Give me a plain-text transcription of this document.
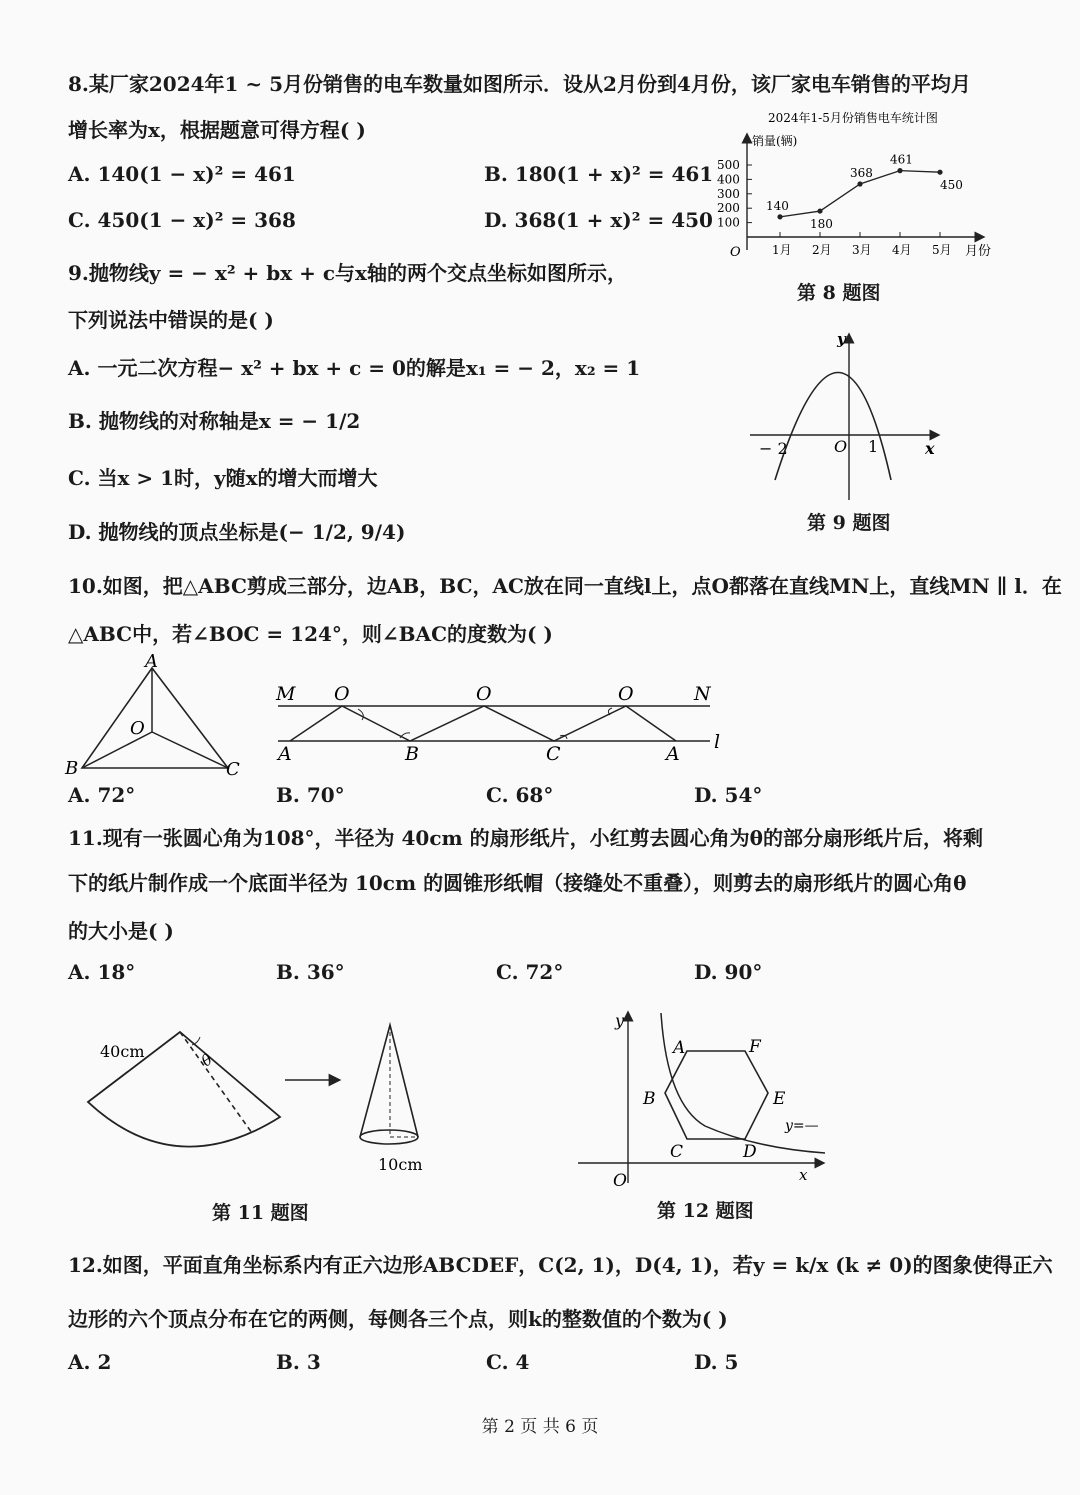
8.某厂家2024年1 ~ 5月份销售的电车数量如图所示．设从2月份到4月份，该厂家电车销售的平均月
增长率为x，根据题意可得方程( )
A. 140(1 − x)² = 461	B. 180(1 + x)² = 461
C. 450(1 − x)² = 368	D. 368(1 + x)² = 450
2024年1-5月份销售电车统计图
销量(辆)
O	月份
500
400
300
200
100
1月 2月 3月 4月 5月
140
180
368
461
450
第 8 题图
9.抛物线y = − x² + bx + c与x轴的两个交点坐标如图所示，
下列说法中错误的是( )
A. 一元二次方程− x² + bx + c = 0的解是x₁ = − 2，x₂ = 1
B. 抛物线的对称轴是x = − 1/2
C. 当x > 1时，y随x的增大而增大
D. 抛物线的顶点坐标是(− 1/2, 9/4)
y
x
O
− 2	1
第 9 题图
10.如图，把△ABC剪成三部分，边AB，BC，AC放在同一直线l上，点O都落在直线MN上，直线MN ∥ l．在
△ABC中，若∠BOC = 124°，则∠BAC的度数为( )
A
B	C
O
M O	O	O	N
l
A	B	C	A
A. 72°	B. 70°	C. 68°	D. 54°
11.现有一张圆心角为108°，半径为 40cm 的扇形纸片，小红剪去圆心角为θ的部分扇形纸片后，将剩
下的纸片制作成一个底面半径为 10cm 的圆锥形纸帽（接缝处不重叠），则剪去的扇形纸片的圆心角θ
的大小是( )
A. 18°	B. 36°	C. 72°	D. 90°
40cm	θ
10cm
第 11 题图
y
x
O
A	F
B	E
C	D
y=—
第 12 题图
12.如图，平面直角坐标系内有正六边形ABCDEF，C(2, 1)，D(4, 1)，若y = k/x (k ≠ 0)的图象使得正六
边形的六个顶点分布在它的两侧，每侧各三个点，则k的整数值的个数为( )
A. 2	B. 3	C. 4	D. 5
第 2 页 共 6 页
